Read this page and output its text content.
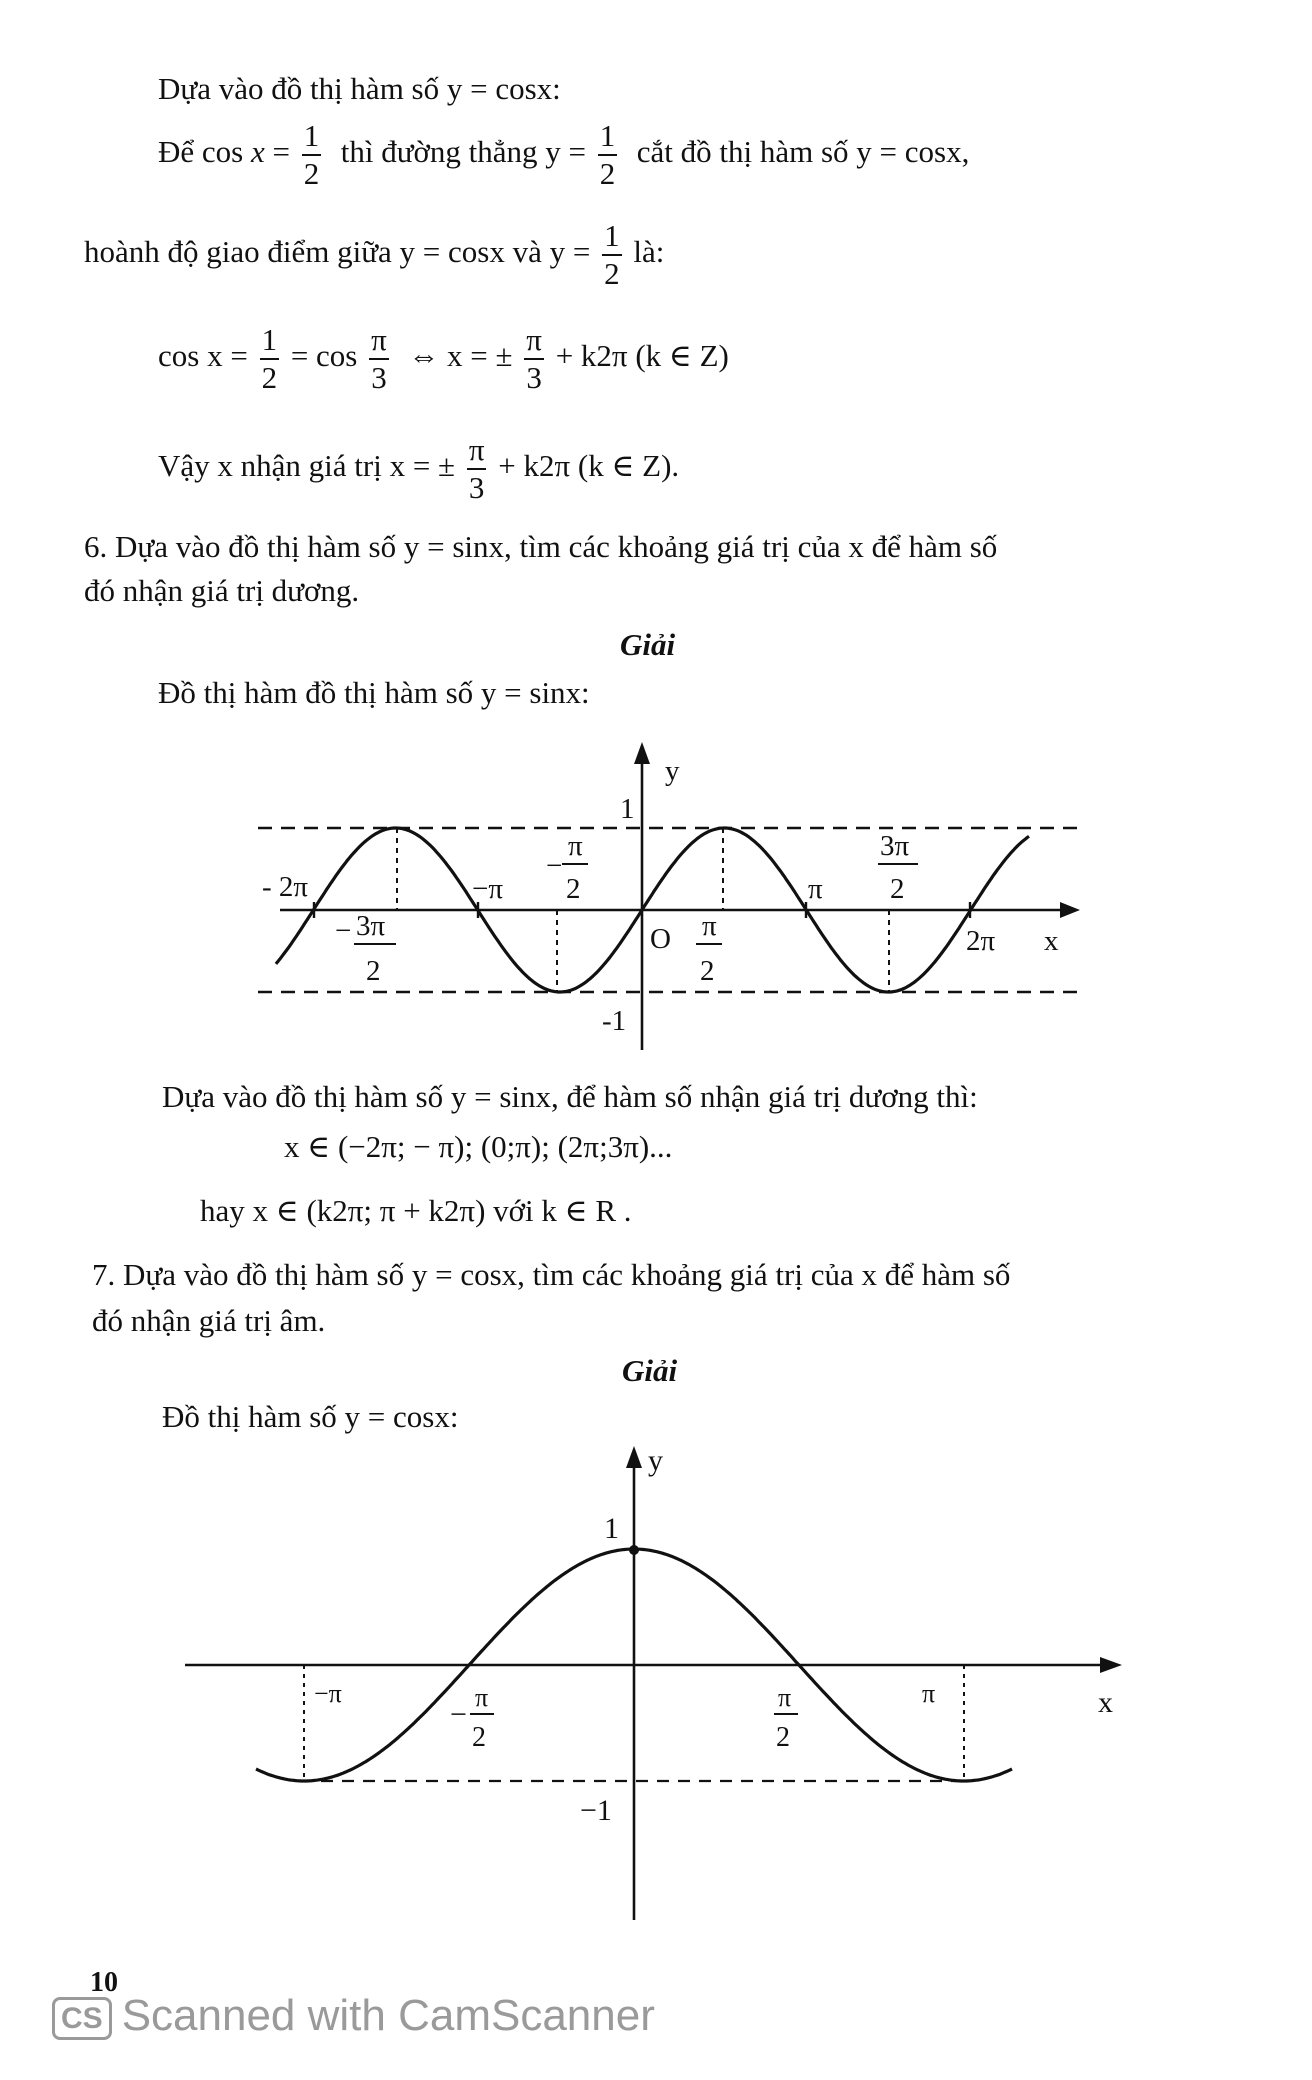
Dựa vào đồ thị hàm số y = cosx:
Để $\cos x = \frac{1}{2}$ thì đường thẳng $y = \frac{1}{2}$ cắt đồ thị hàm số y = cosx,
hoành độ giao điểm giữa y = cosx và $y = \frac{1}{2}$ là:
$\cos x = \frac{1}{2} = \cos \frac{\pi}{3}$ ⇔ x = ± $\frac{\pi}{3} + k2\pi$ (k ∈ Z)
Vậy x nhận giá trị x = ± $\frac{\pi}{3} + k2\pi$ (k ∈ Z).
6. Dựa vào đồ thị hàm số y = sinx, tìm các khoảng giá trị của x để hàm số
đó nhận giá trị dương.
Giải
Đồ thị hàm đồ thị hàm số y = sinx:
y
x
1
-1
O
- 2π	−π	π
2π
− 3π
2
−
π
2
π
2
3π
2
Dựa vào đồ thị hàm số y = sinx, để hàm số nhận giá trị dương thì:
x ∈ (−2π; − π); (0;π); (2π;3π)...
hay x ∈ (k2π; π + k2π) với k ∈ R .
7. Dựa vào đồ thị hàm số y = cosx, tìm các khoảng giá trị của x để hàm số
đó nhận giá trị âm.
Giải
Đồ thị hàm số y = cosx:
y
x
1
−1
−π	π
−
π
2
π
2
10
CS Scanned with CamScanner
